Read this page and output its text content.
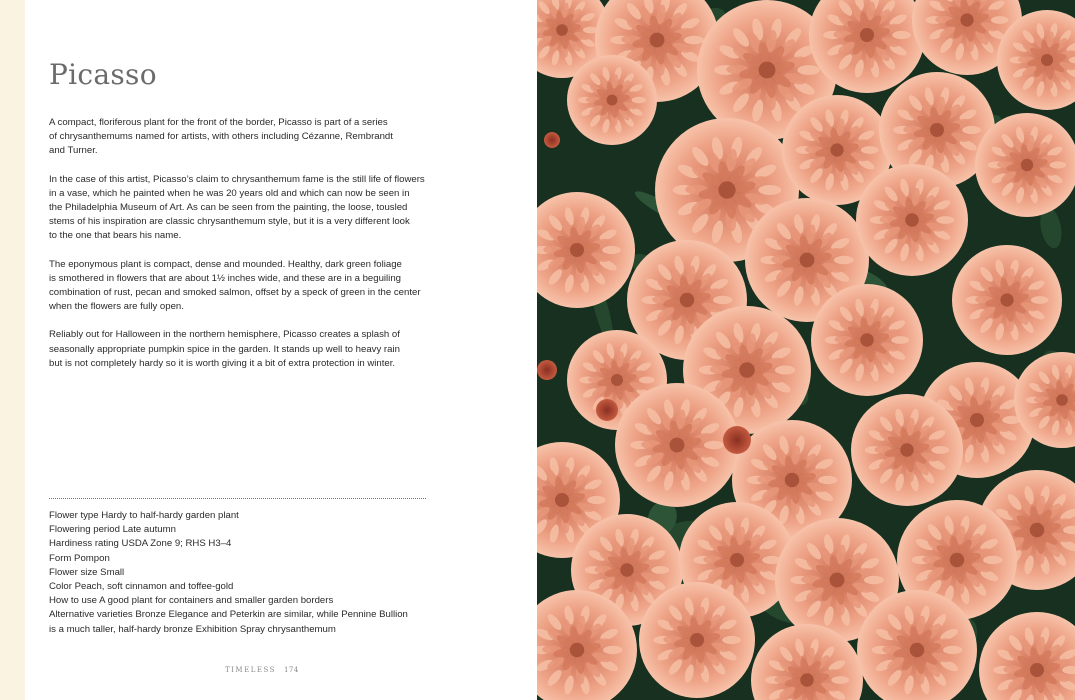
Picasso

A compact, floriferous plant for the front of the border, Picasso is part of a series
of chrysanthemums named for artists, with others including Cézanne, Rembrandt
and Turner.

In the case of this artist, Picasso’s claim to chrysanthemum fame is the still life of flowers
in a vase, which he painted when he was 20 years old and which can now be seen in
the Philadelphia Museum of Art. As can be seen from the painting, the loose, tousled
stems of his inspiration are classic chrysanthemum style, but it is a very different look
to the one that bears his name.

The eponymous plant is compact, dense and mounded. Healthy, dark green foliage
is smothered in flowers that are about 1½ inches wide, and these are in a beguiling
combination of rust, pecan and smoked salmon, offset by a speck of green in the center
when the flowers are fully open.

Reliably out for Halloween in the northern hemisphere, Picasso creates a splash of
seasonally appropriate pumpkin spice in the garden. It stands up well to heavy rain
but is not completely hardy so it is worth giving it a bit of extra protection in winter.

Flower type Hardy to half-hardy garden plant
Flowering period Late autumn
Hardiness rating USDA Zone 9; RHS H3–4
Form Pompon
Flower size Small
Color Peach, soft cinnamon and toffee-gold
How to use A good plant for containers and smaller garden borders
Alternative varieties Bronze Elegance and Peterkin are similar, while Pennine Bullion
is a much taller, half-hardy bronze Exhibition Spray chrysanthemum
TIMELESS 174
